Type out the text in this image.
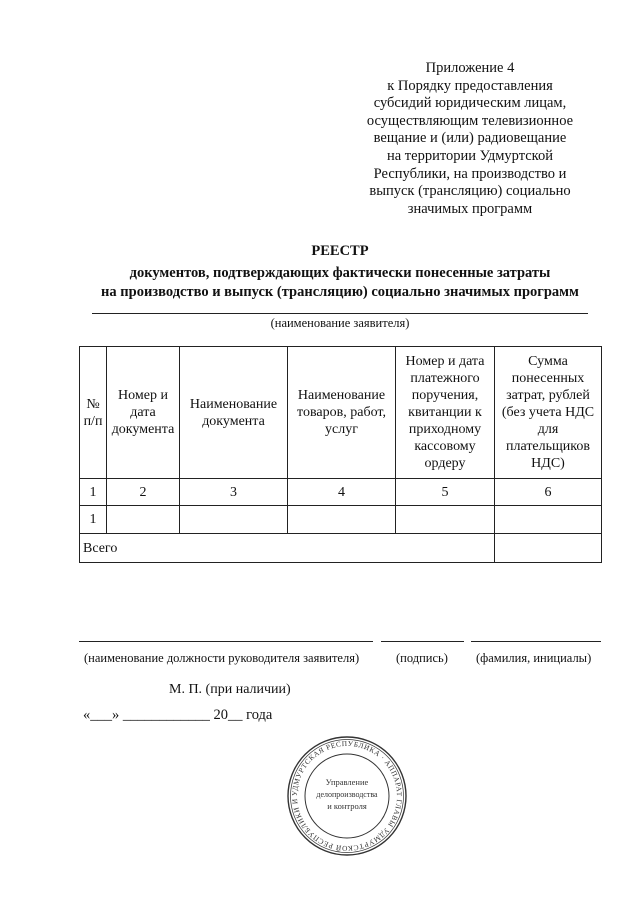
Приложение 4
к Порядку предоставления
субсидий юридическим лицам,
осуществляющим телевизионное
вещание и (или) радиовещание
на территории Удмуртской
Республики, на производство и
выпуск (трансляцию) социально
значимых программ
РЕЕСТР
документов, подтверждающих фактически понесенные затраты
на производство и выпуск (трансляцию) социально значимых программ
(наименование заявителя)
№ п/п	Номер и дата документа	Наименование документа	Наименование товаров, работ, услуг	Номер и дата платежного поручения, квитанции к приходному кассовому ордеру	Сумма понесенных затрат, рублей (без учета НДС для плательщиков НДС)
1	2	3	4	5	6
1					
Всего					
(наименование должности руководителя заявителя)	(подпись) (фамилия, инициалы)
М. П. (при наличии)
«___» ____________ 20__ года
УДМУРТСКАЯ РЕСПУБЛИКА · АППАРАТ ГЛАВЫ УДМУРТСКОЙ РЕСПУБЛИКИ И
Управление
делопроизводства
и контроля
